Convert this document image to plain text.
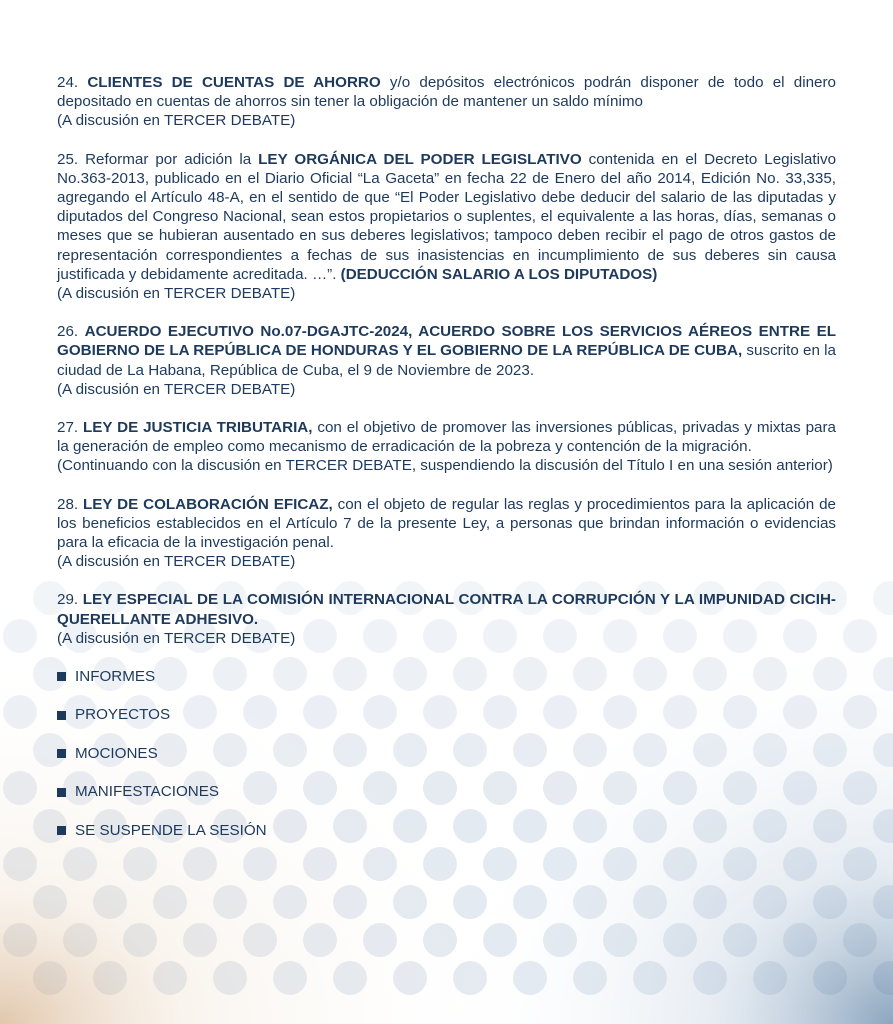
24. CLIENTES DE CUENTAS DE AHORRO y/o depósitos electrónicos podrán disponer de todo el dinero depositado en cuentas de ahorros sin tener la obligación de mantener un saldo mínimo

(A discusión en TERCER DEBATE)

25. Reformar por adición la LEY ORGÁNICA DEL PODER LEGISLATIVO contenida en el Decreto Legislativo No.363-2013, publicado en el Diario Oficial “La Gaceta” en fecha 22 de Enero del año 2014, Edición No. 33,335, agregando el Artículo 48-A, en el sentido de que “El Poder Legislativo debe deducir del salario de las diputadas y diputados del Congreso Nacional, sean estos propietarios o suplentes, el equivalente a las horas, días, semanas o meses que se hubieran ausentado en sus deberes legislativos; tampoco deben recibir el pago de otros gastos de representación correspondientes a fechas de sus inasistencias en incumplimiento de sus deberes sin causa justificada y debidamente acreditada. …”. (DEDUCCIÓN SALARIO A LOS DIPUTADOS)

(A discusión en TERCER DEBATE)

26. ACUERDO EJECUTIVO No.07-DGAJTC-2024, ACUERDO SOBRE LOS SERVICIOS AÉREOS ENTRE EL GOBIERNO DE LA REPÚBLICA DE HONDURAS Y EL GOBIERNO DE LA REPÚBLICA DE CUBA, suscrito en la ciudad de La Habana, República de Cuba, el 9 de Noviembre de 2023.

(A discusión en TERCER DEBATE)

27. LEY DE JUSTICIA TRIBUTARIA, con el objetivo de promover las inversiones públicas, privadas y mixtas para la generación de empleo como mecanismo de erradicación de la pobreza y contención de la migración.

(Continuando con la discusión en TERCER DEBATE, suspendiendo la discusión del Título I en una sesión anterior)

28. LEY DE COLABORACIÓN EFICAZ, con el objeto de regular las reglas y procedimientos para la aplicación de los beneficios establecidos en el Artículo 7 de la presente Ley, a personas que brindan información o evidencias para la eficacia de la investigación penal.

(A discusión en TERCER DEBATE)

29. LEY ESPECIAL DE LA COMISIÓN INTERNACIONAL CONTRA LA CORRUPCIÓN Y LA IMPUNIDAD CICIH-QUERELLANTE ADHESIVO.

(A discusión en TERCER DEBATE)

INFORMES
PROYECTOS
MOCIONES
MANIFESTACIONES
SE SUSPENDE LA SESIÓN
